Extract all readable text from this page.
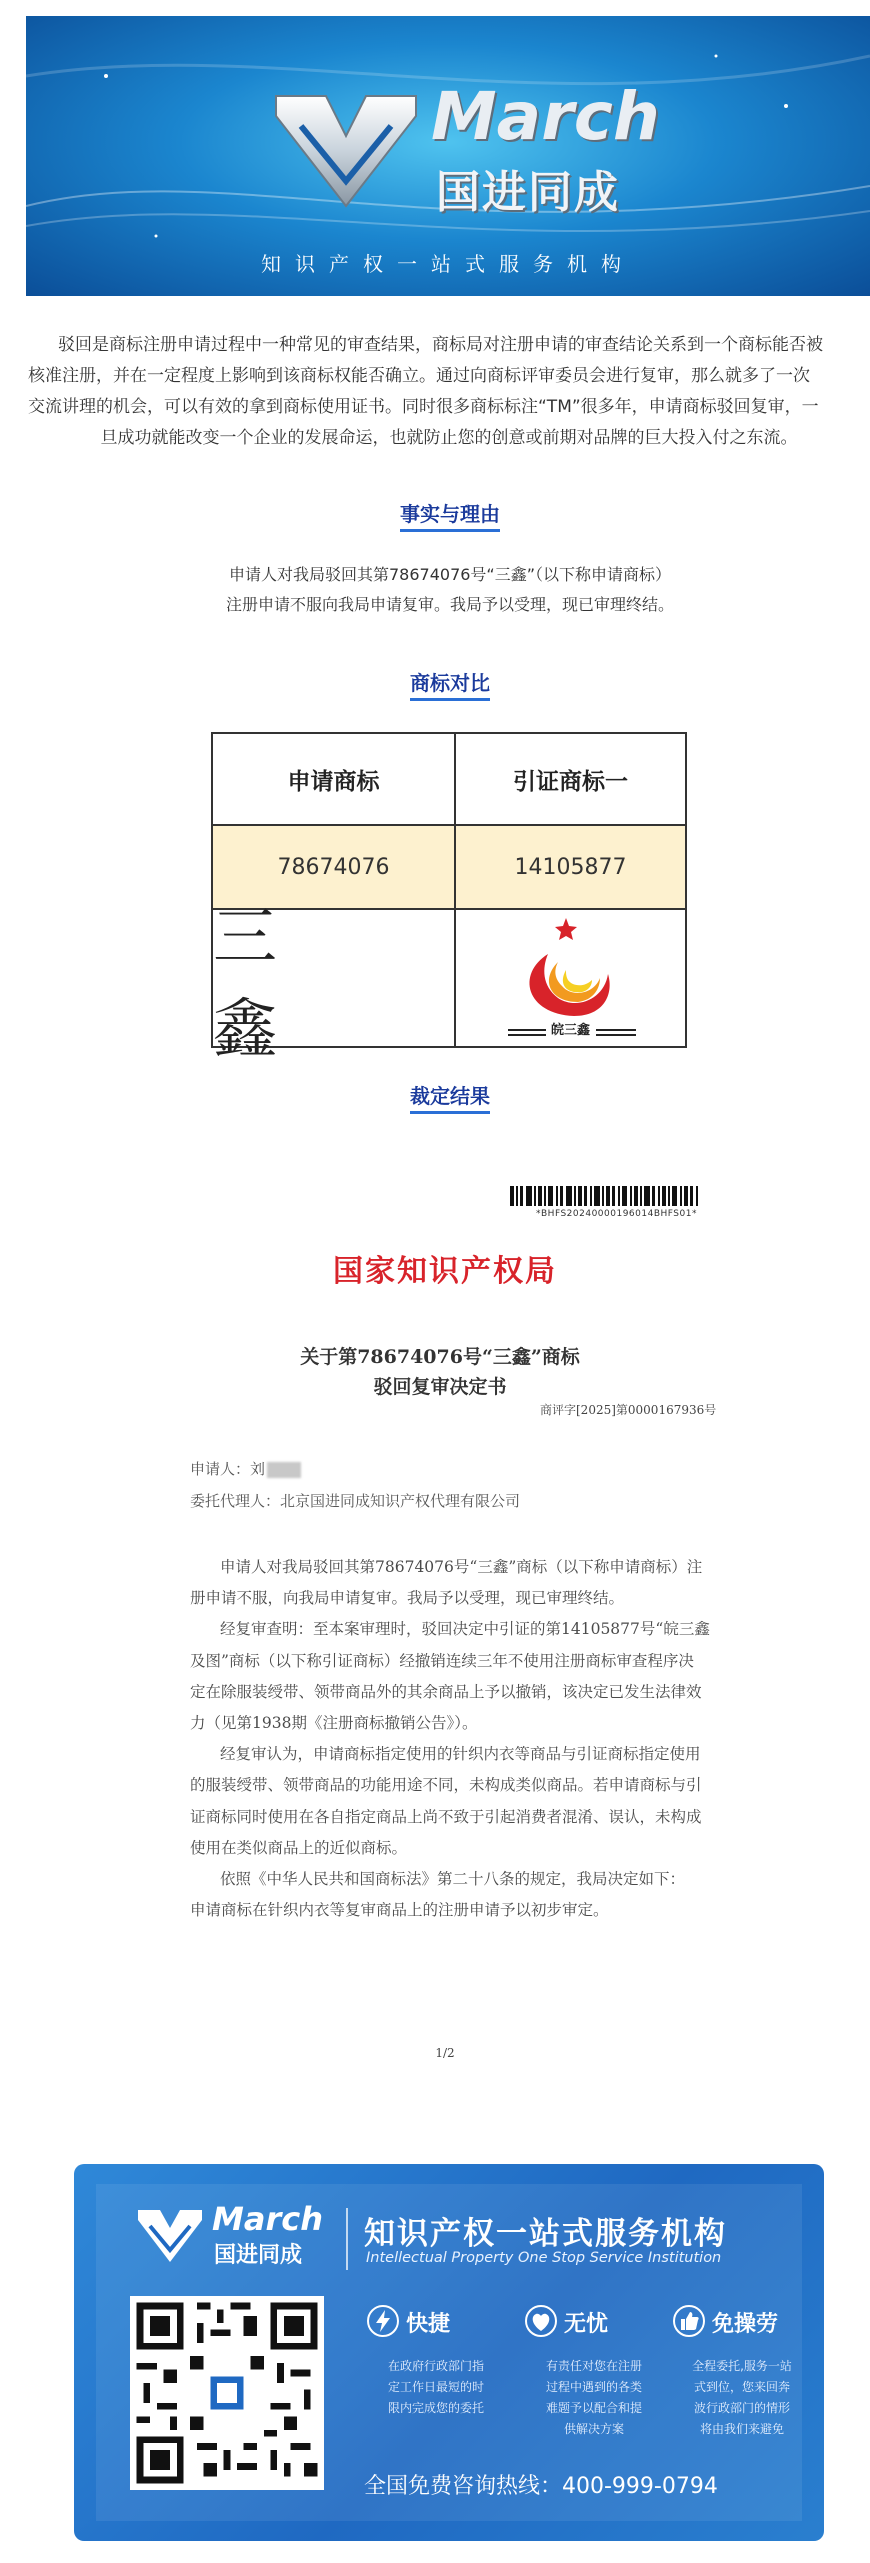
March
国进同成
知识产权一站式服务机构
驳回是商标注册申请过程中一种常见的审查结果，商标局对注册申请的审查结论关系到一个商标能否被
核准注册，并在一定程度上影响到该商标权能否确立。通过向商标评审委员会进行复审，那么就多了一次
交流讲理的机会，可以有效的拿到商标使用证书。同时很多商标标注“TM”很多年，申请商标驳回复审，一
旦成功就能改变一个企业的发展命运，也就防止您的创意或前期对品牌的巨大投入付之东流。
事实与理由
申请人对我局驳回其第78674076号“三鑫”（以下称申请商标）
注册申请不服向我局申请复审。我局予以受理，现已审理终结。
商标对比
申请商标	引证商标一
78674076	14105877
三　　鑫	皖三鑫
裁定结果
*BHFS20240000196014BHFS01*
国家知识产权局
关于第78674076号“三鑫”商标
驳回复审决定书
商评字[2025]第0000167936号
申请人：刘
委托代理人：北京国进同成知识产权代理有限公司
申请人对我局驳回其第78674076号“三鑫”商标（以下称申请商标）注
册申请不服，向我局申请复审。我局予以受理，现已审理终结。
经复审查明：至本案审理时，驳回决定中引证的第14105877号“皖三鑫
及图”商标（以下称引证商标）经撤销连续三年不使用注册商标审查程序决
定在除服装绶带、领带商品外的其余商品上予以撤销，该决定已发生法律效
力（见第1938期《注册商标撤销公告》）。
经复审认为，申请商标指定使用的针织内衣等商品与引证商标指定使用
的服装绶带、领带商品的功能用途不同，未构成类似商品。若申请商标与引
证商标同时使用在各自指定商品上尚不致于引起消费者混淆、误认，未构成
使用在类似商品上的近似商标。
依照《中华人民共和国商标法》第二十八条的规定，我局决定如下：
申请商标在针织内衣等复审商品上的注册申请予以初步审定。
1/2
March
国进同成
知识产权一站式服务机构
Intellectual Property One Stop Service Institution
快捷
在政府行政部门指
定工作日最短的时
限内完成您的委托
无忧
有责任对您在注册
过程中遇到的各类
难题予以配合和提
供解决方案
免操劳
全程委托,服务一站
式到位，您来回奔
波行政部门的情形
将由我们来避免
全国免费咨询热线：400-999-0794
